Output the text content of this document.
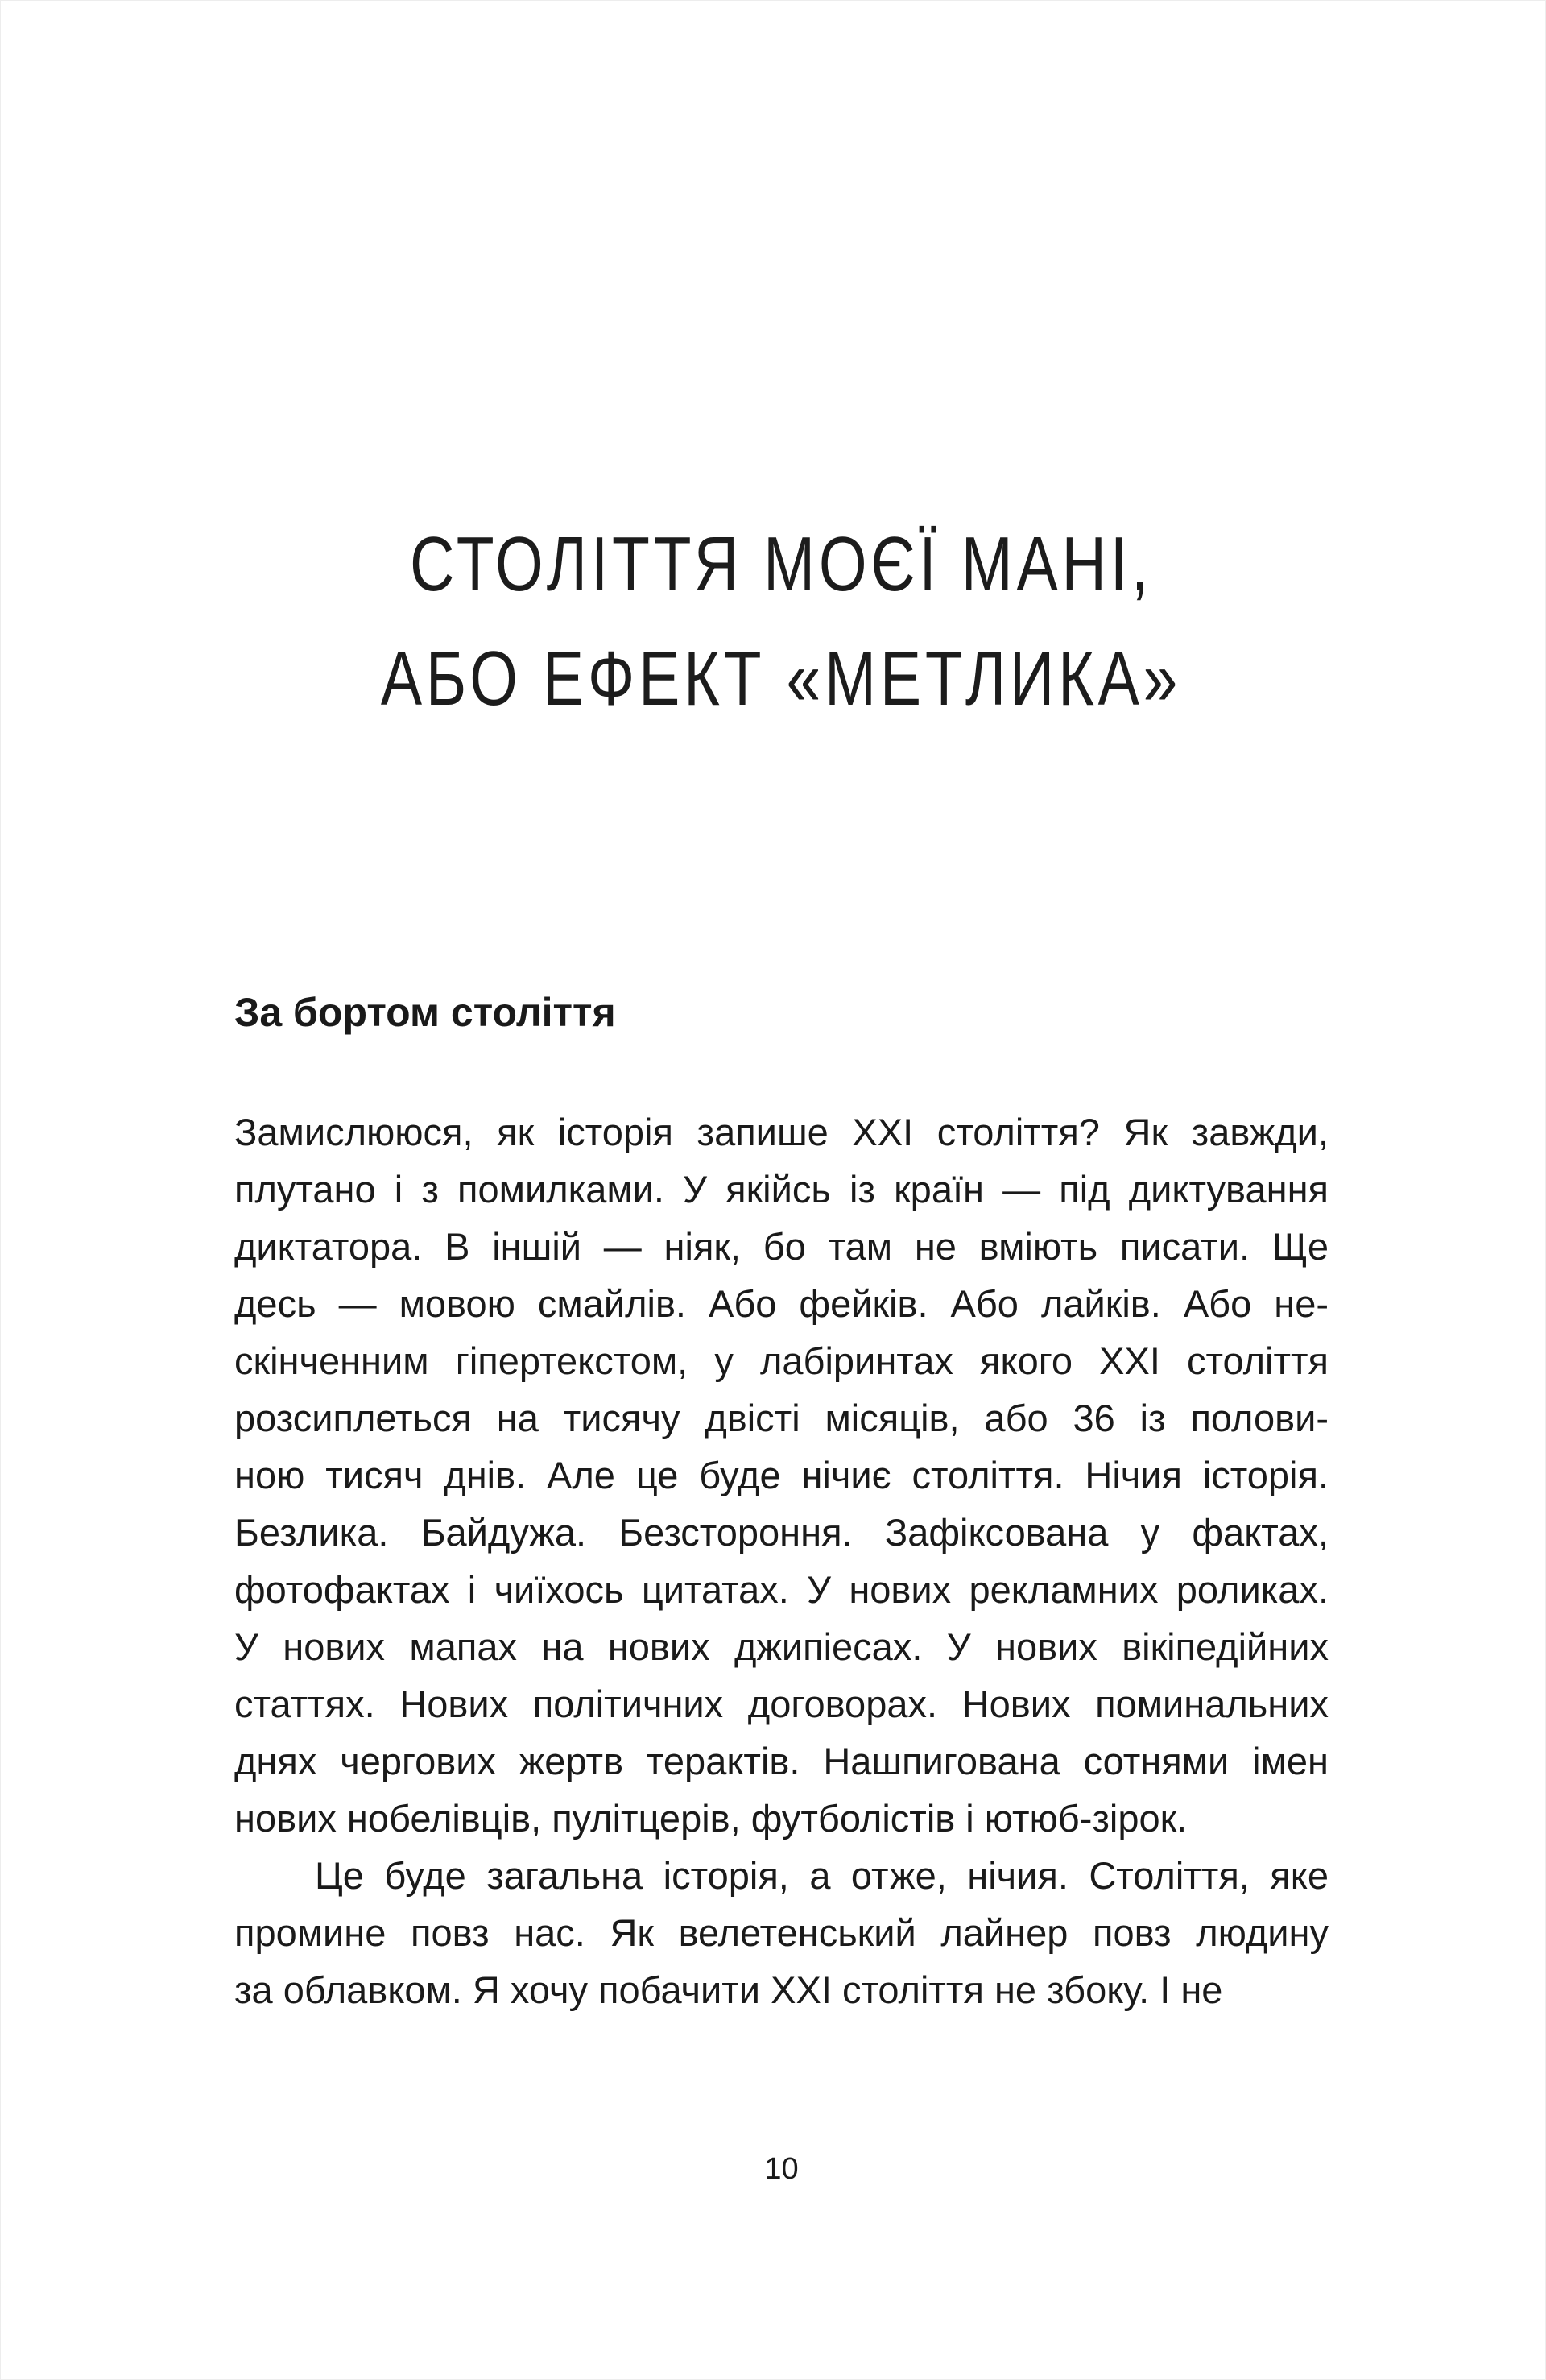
СТОЛІТТЯ МОЄЇ МАНІ,
АБО ЕФЕКТ «МЕТЛИКА»
За бортом століття
Замислююся, як історія запише ХХІ століття? Як завжди,
плутано і з помилками. У якійсь із країн — під диктування
диктатора. В іншій — ніяк, бо там не вміють писати. Ще
десь — мовою смайлів. Або фейків. Або лайків. Або не-
скінченним гіпертекстом, у лабіринтах якого ХХІ століття
розсиплеться на тисячу двісті місяців, або 36 із полови-
ною тисяч днів. Але це буде нічиє століття. Нічия історія.
Безлика. Байдужа. Безстороння. Зафіксована у фактах,
фотофактах і чиїхось цитатах. У нових рекламних роликах.
У нових мапах на нових джипіесах. У нових вікіпедійних
статтях. Нових політичних договорах. Нових поминальних
днях чергових жертв терактів. Нашпигована сотнями імен
нових нобелівців, пулітцерів, футболістів і ютюб-зірок.
Це буде загальна історія, а отже, нічия. Століття, яке
промине повз нас. Як велетенський лайнер повз людину
за облавком. Я хочу побачити ХХІ століття не збоку. І не
10
